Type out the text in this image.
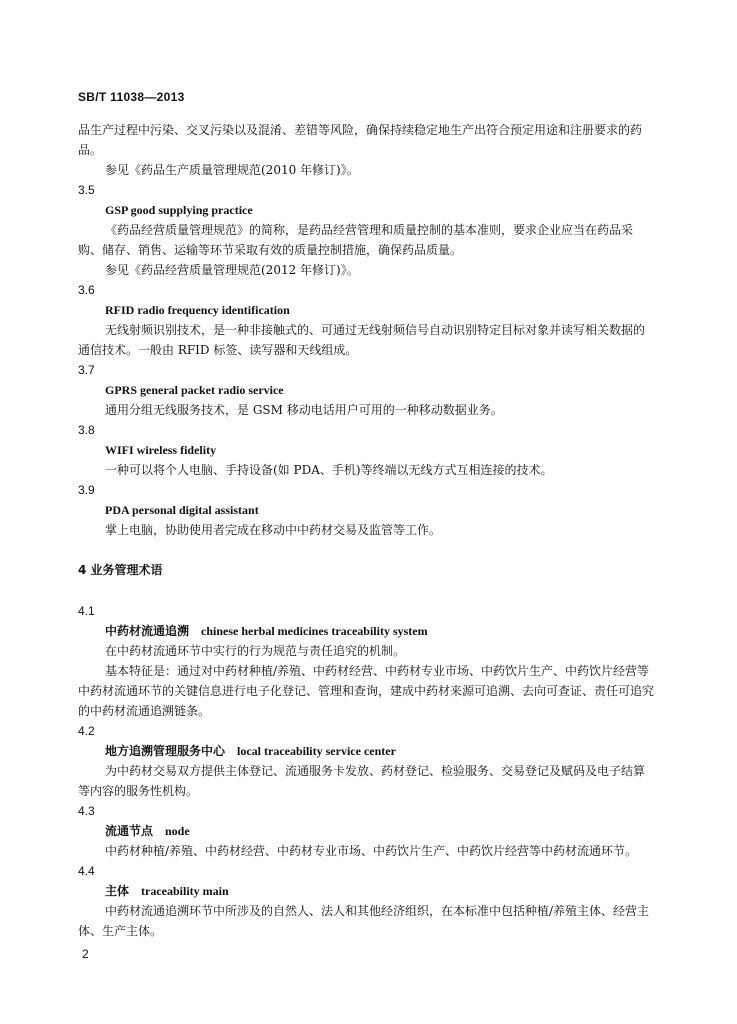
SB/T 11038—2013

品生产过程中污染、交叉污染以及混淆、差错等风险，确保持续稳定地生产出符合预定用途和注册要求的药品。

参见《药品生产质量管理规范(2010 年修订)》。

3.5

GSP good supplying practice

《药品经营质量管理规范》的简称，是药品经营管理和质量控制的基本准则，要求企业应当在药品采购、储存、销售、运输等环节采取有效的质量控制措施，确保药品质量。

参见《药品经营质量管理规范(2012 年修订)》。

3.6

RFID radio frequency identification

无线射频识别技术，是一种非接触式的、可通过无线射频信号自动识别特定目标对象并读写相关数据的通信技术。一般由 RFID 标签、读写器和天线组成。

3.7

GPRS general packet radio service

通用分组无线服务技术，是 GSM 移动电话用户可用的一种移动数据业务。

3.8

WIFI wireless fidelity

一种可以将个人电脑、手持设备(如 PDA、手机)等终端以无线方式互相连接的技术。

3.9

PDA personal digital assistant

掌上电脑，协助使用者完成在移动中中药材交易及监管等工作。

4 业务管理术语

4.1

中药材流通追溯　chinese herbal medicines traceability system

在中药材流通环节中实行的行为规范与责任追究的机制。

基本特征是：通过对中药材种植/养殖、中药材经营、中药材专业市场、中药饮片生产、中药饮片经营等中药材流通环节的关键信息进行电子化登记、管理和查询，建成中药材来源可追溯、去向可查证、责任可追究的中药材流通追溯链条。

4.2

地方追溯管理服务中心　local traceability service center

为中药材交易双方提供主体登记、流通服务卡发放、药材登记、检验服务、交易登记及赋码及电子结算等内容的服务性机构。

4.3

流通节点　node

中药材种植/养殖、中药材经营、中药材专业市场、中药饮片生产、中药饮片经营等中药材流通环节。

4.4

主体　traceability main

中药材流通追溯环节中所涉及的自然人、法人和其他经济组织，在本标准中包括种植/养殖主体、经营主体、生产主体。

2
